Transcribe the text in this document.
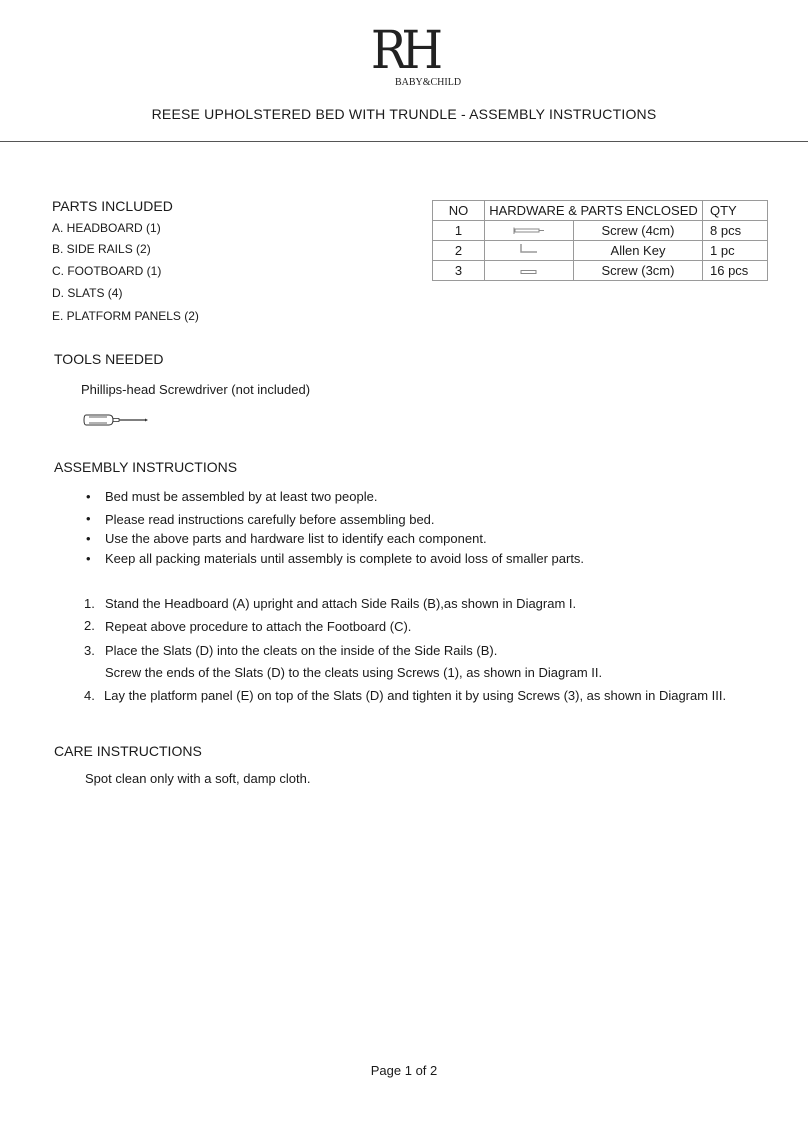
RH
BABY&CHILD
REESE UPHOLSTERED BED WITH TRUNDLE - ASSEMBLY INSTRUCTIONS
PARTS INCLUDED
A. HEADBOARD (1)
B. SIDE RAILS (2)
C. FOOTBOARD (1)
D. SLATS (4)
E. PLATFORM PANELS (2)
NO	HARDWARE & PARTS ENCLOSED		QTY
1		Screw (4cm)	8 pcs
2		Allen Key	1 pc
3		Screw (3cm)	16 pcs
TOOLS NEEDED
Phillips-head Screwdriver (not included)
ASSEMBLY INSTRUCTIONS
• Bed must be assembled by at least two people.
• Please read instructions carefully before assembling bed.
• Use the above parts and hardware list to identify each component.
• Keep all packing materials until assembly is complete to avoid loss of smaller parts.
1. Stand the Headboard (A) upright and attach Side Rails (B),as shown in Diagram I.
2. Repeat above procedure to attach the Footboard (C).
3. Place the Slats (D) into the cleats on the inside of the Side Rails (B).
Screw the ends of the Slats (D) to the cleats using Screws (1), as shown in Diagram II.
4. Lay the platform panel (E) on top of the Slats (D) and tighten it by using Screws (3), as shown in Diagram III.
CARE INSTRUCTIONS
Spot clean only with a soft, damp cloth.
Page 1 of 2
